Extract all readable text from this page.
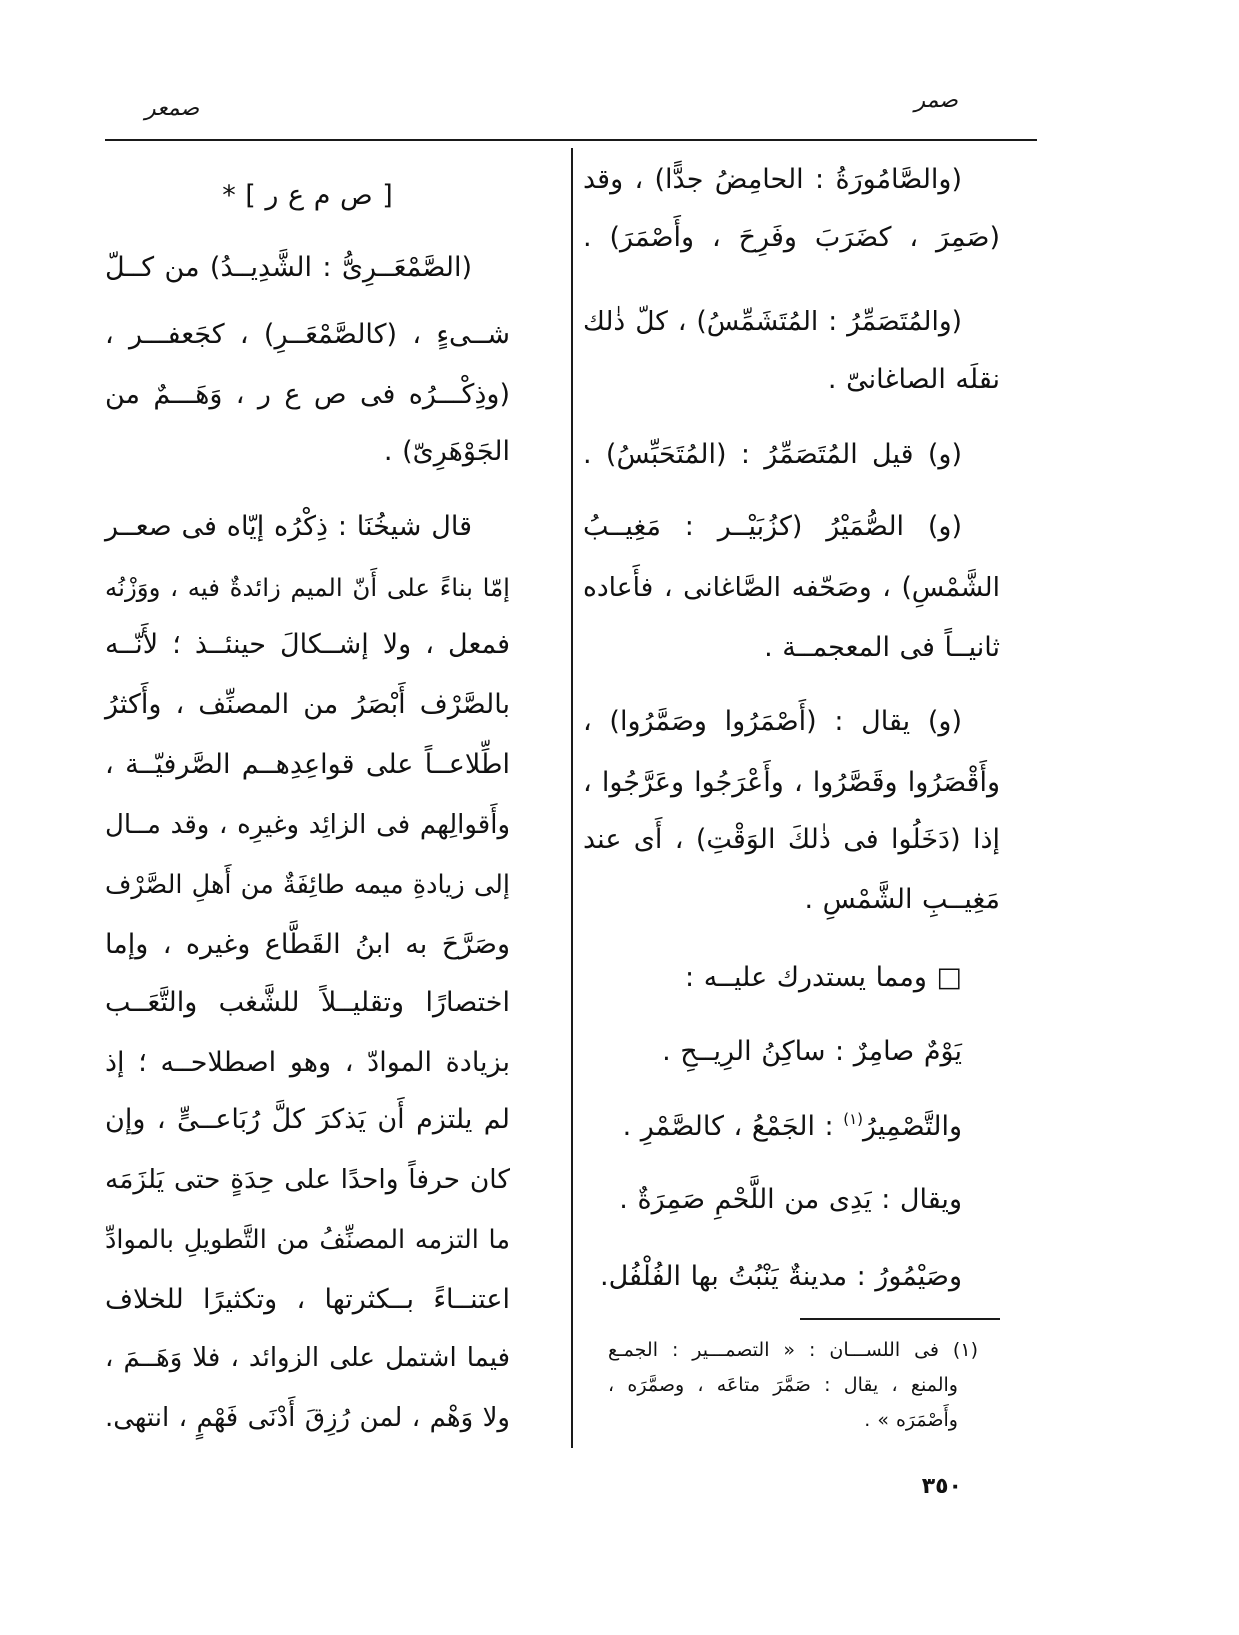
صمر
صمعر
(والصَّامُورَةُ : الحامِضُ جدًّا) ، وقد
(صَمِرَ ، كضَرَبَ وفَرِحَ ، وأَصْمَرَ) .
(والمُتَصَمِّرُ : المُتَشَمِّسُ) ، كلّ ذٰلك
نقلَه الصاغانىّ .
(و) قيل المُتَصَمِّرُ : (المُتَحَبِّسُ) .
(و) الصُّمَيْرُ (كزُبَيْــر : مَغِيــبُ
الشَّمْسِ) ، وصَحّفه الصَّاغانى ، فأَعاده
ثانيــاً فى المعجمــة .
(و) يقال : (أَصْمَرُوا وصَمَّرُوا) ،
وأَقْصَرُوا وقَصَّرُوا ، وأَعْرَجُوا وعَرَّجُوا ،
إذا (دَخَلُوا فى ذٰلكَ الوَقْتِ) ، أَى عند
مَغِيــبِ الشَّمْسِ .
□ ومما يستدرك عليــه :
يَوْمٌ صامِرٌ : ساكِنُ الرِيــحِ .
والتَّصْمِيرُ$^{(١)}$ : الجَمْعُ ، كالصَّمْرِ .
ويقال : يَدِى من اللَّحْمِ صَمِرَةٌ .
وصَيْمُورُ : مدينةٌ يَنْبُتُ بها الفُلْفُل.
(١) فى اللســـان : « التصمـــير : الجمـع
والمنع ، يقال : صَمَّرَ متاعَه ، وصمَّرَه ،
وأَصْمَرَه » .
[ ص م ع ر ] *
(الصَّمْعَــرِىُّ : الشَّدِيــدُ) من كــلّ
شــىءٍ ، (كالصَّمْعَــرِ) ، كجَعفـــر ،
(وذِكْـــرُه فى ص ع ر ، وَهَـــمٌ من
الجَوْهَرِىّ) .
قال شيخُنَا : ذِكْرُه إيّاه فى صعــر
إمّا بناءً على أَنّ الميم زائدةٌ فيه ، ووَزْنُه
فمعل ، ولا إشــكالَ حينئــذ ؛ لأَنّــه
بالصَّرْف أَبْصَرُ من المصنِّف ، وأَكثرُ
اطِّلاعــاً على قواعِدِهــم الصَّرفيّــة ،
وأَقوالِهم فى الزائِد وغيرِه ، وقد مــال
إلى زيادةِ ميمه طائِفَةٌ من أَهلِ الصَّرْف
وصَرَّحَ به ابنُ القَطَّاع وغيره ، وإما
اختصارًا وتقليــلاً للشَّغب والتَّعَــب
بزيادة الموادّ ، وهو اصطلاحــه ؛ إذ
لم يلتزم أَن يَذكرَ كلَّ رُبَاعــىٍّ ، وإن
كان حرفاً واحدًا على حِدَةٍ حتى يَلزَمَه
ما التزمه المصنِّفُ من التَّطويلِ بالموادِّ
اعتنــاءً بــكثرتها ، وتكثيرًا للخلاف
فيما اشتمل على الزوائد ، فلا وَهَــمَ ،
ولا وَهْم ، لمن رُزِقَ أَدْنَى فَهْمٍ ، انتهى.
٣٥٠
